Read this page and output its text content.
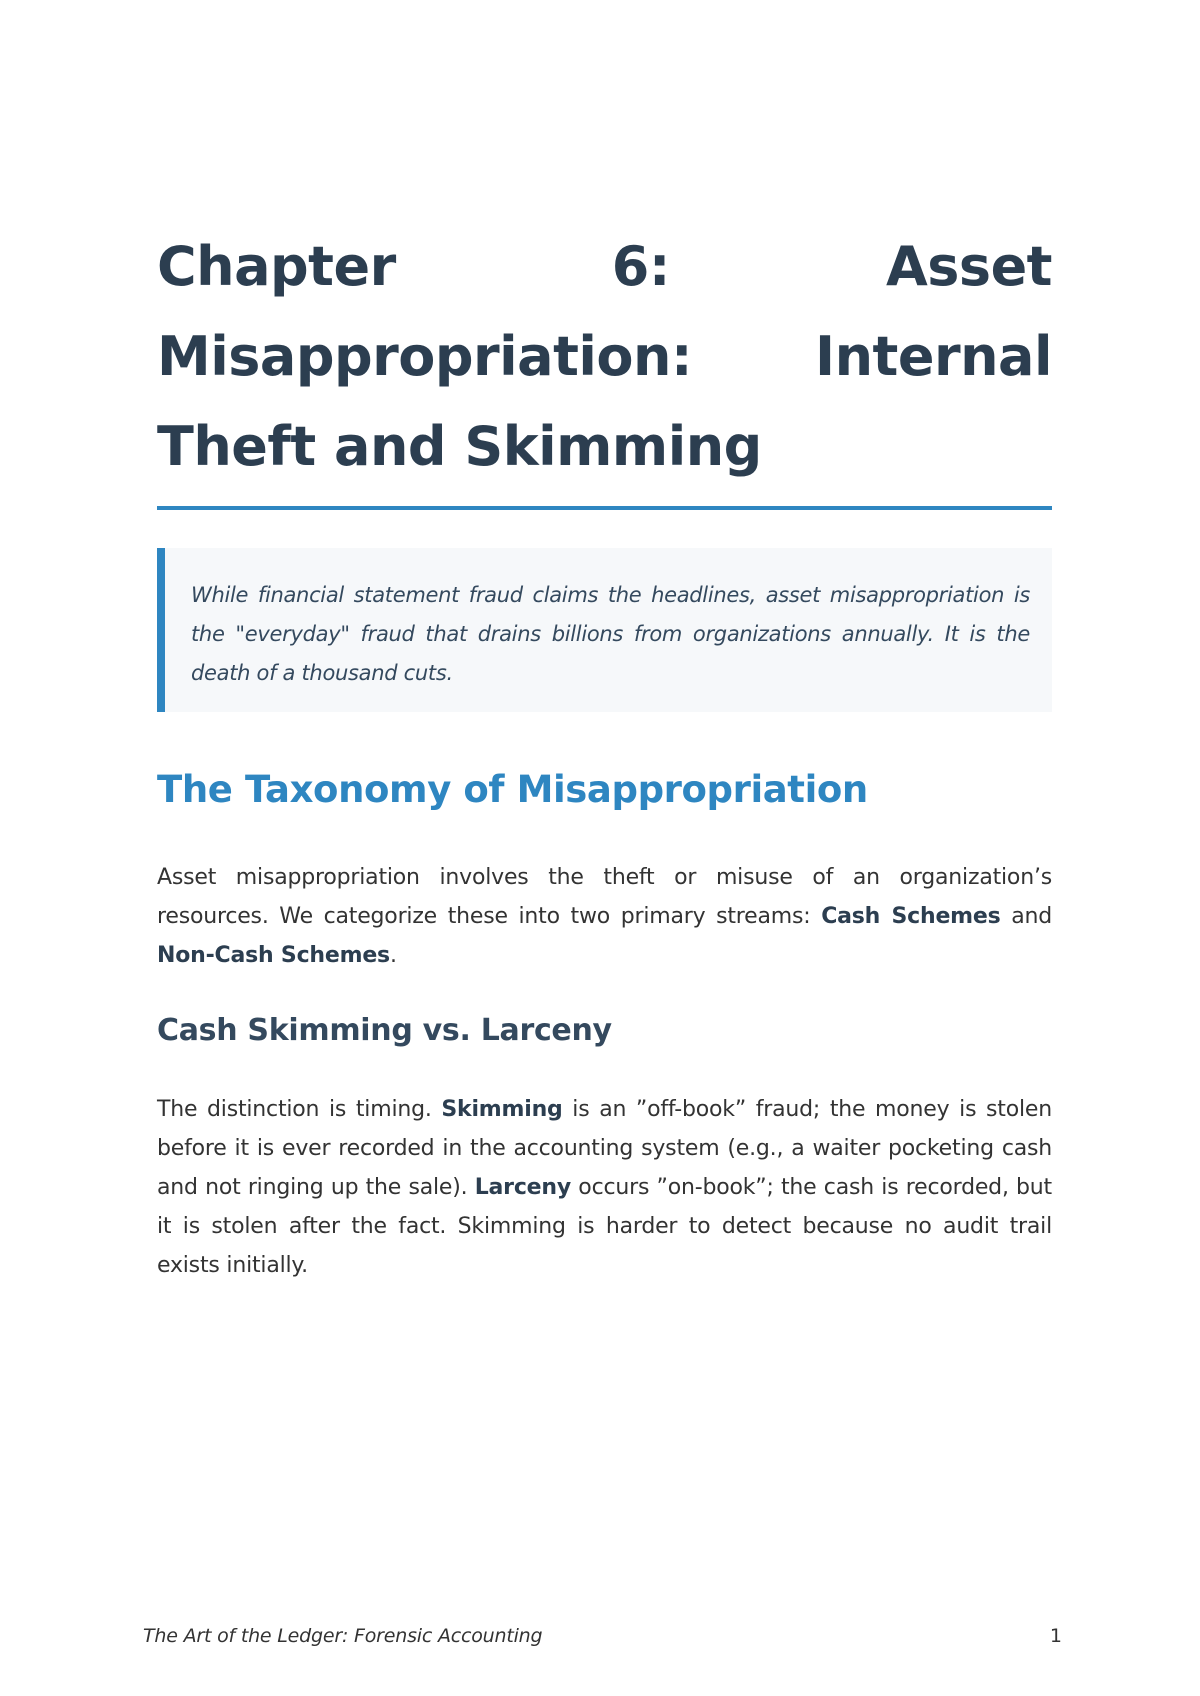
Chapter 6: Asset Misappropriation: Internal Theft and Skimming
While financial statement fraud claims the headlines, asset misappropriation is the "everyday" fraud that drains billions from organizations annually. It is the death of a thousand cuts.
The Taxonomy of Misappropriation

Asset misappropriation involves the theft or misuse of an organization’s resources. We categorize these into two primary streams: Cash Schemes and Non-Cash Schemes.

Cash Skimming vs. Larceny

The distinction is timing. Skimming is an ”off-book” fraud; the money is stolen before it is ever recorded in the accounting system (e.g., a waiter pocketing cash and not ringing up the sale). Larceny occurs ”on-book”; the cash is recorded, but it is stolen after the fact. Skimming is harder to detect because no audit trail exists initially.

The Art of the Ledger: Forensic Accounting	1
